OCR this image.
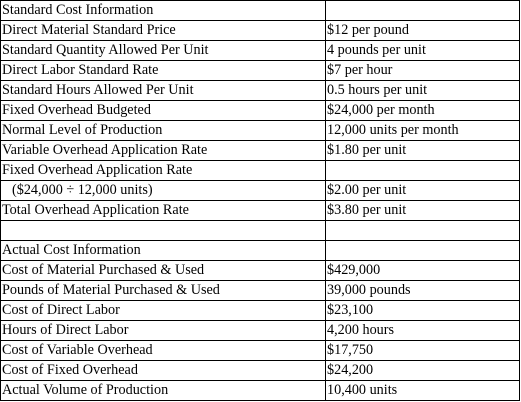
Standard Cost Information	
Direct Material Standard Price	$12 per pound
Standard Quantity Allowed Per Unit	4 pounds per unit
Direct Labor Standard Rate	$7 per hour
Standard Hours Allowed Per Unit	0.5 hours per unit
Fixed Overhead Budgeted	$24,000 per month
Normal Level of Production	12,000 units per month
Variable Overhead Application Rate	$1.80 per unit
Fixed Overhead Application Rate	
($24,000 ÷ 12,000 units)	$2.00 per unit
Total Overhead Application Rate	$3.80 per unit

Actual Cost Information	
Cost of Material Purchased & Used	$429,000
Pounds of Material Purchased & Used	39,000 pounds
Cost of Direct Labor	$23,100
Hours of Direct Labor	4,200 hours
Cost of Variable Overhead	$17,750
Cost of Fixed Overhead	$24,200
Actual Volume of Production	10,400 units
